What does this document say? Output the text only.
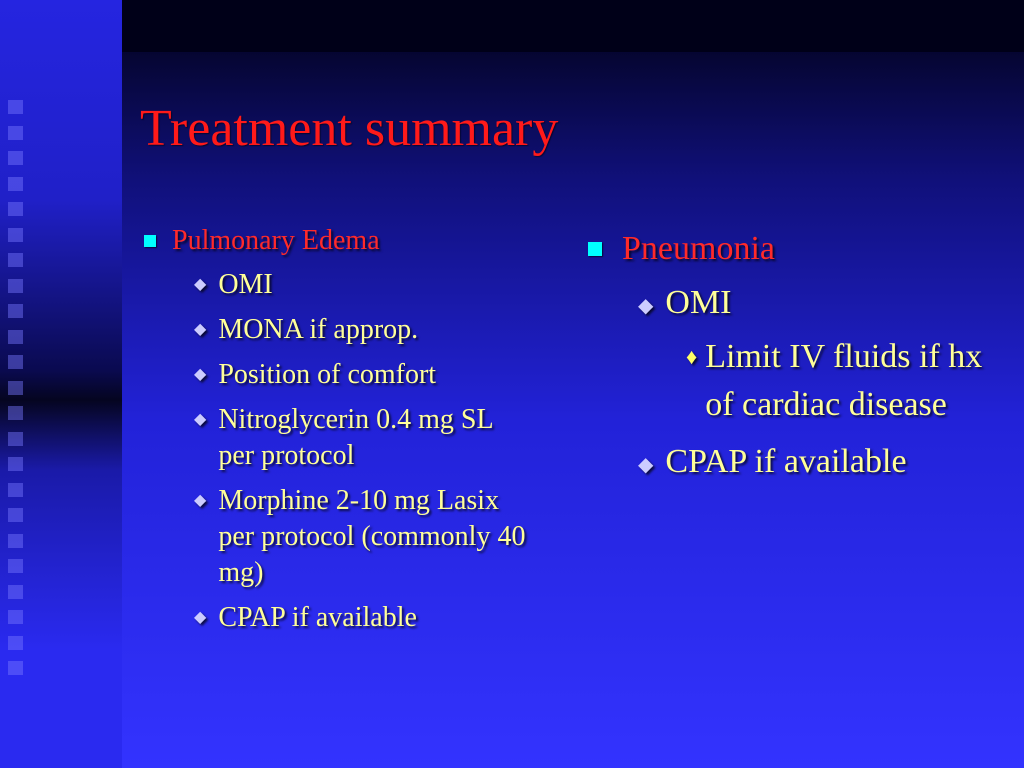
Treatment summary
Pulmonary Edema
◆ OMI
◆ MONA if approp.
◆ Position of comfort
◆ Nitroglycerin 0.4 mg SL per protocol
◆ Morphine 2-10 mg Lasix per protocol (commonly 40 mg)
◆ CPAP if available
Pneumonia
◆ OMI
♦ Limit IV fluids if hx of cardiac disease
◆ CPAP if available
